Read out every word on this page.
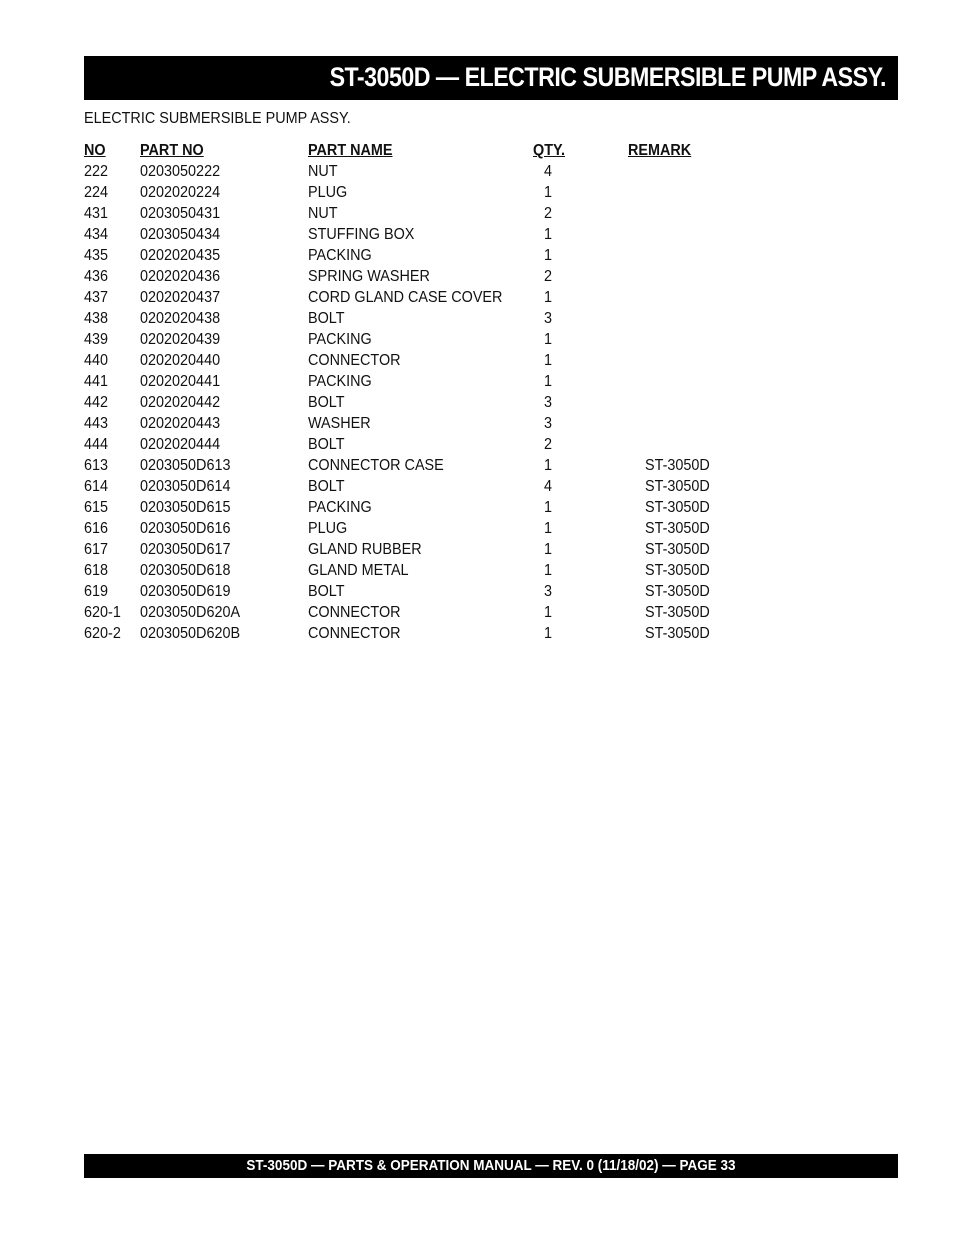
ST-3050D — ELECTRIC SUBMERSIBLE PUMP ASSY.
ELECTRIC SUBMERSIBLE PUMP ASSY.
NO PART NO	PART NAME	QTY.	REMARK
222 0203050222	NUT	4
224 0202020224	PLUG	1
431 0203050431	NUT	2
434 0203050434	STUFFING BOX	1
435 0202020435	PACKING	1
436 0202020436	SPRING WASHER	2
437 0202020437	CORD GLAND CASE COVER	1
438 0202020438	BOLT	3
439 0202020439	PACKING	1
440 0202020440	CONNECTOR	1
441 0202020441	PACKING	1
442 0202020442	BOLT	3
443 0202020443	WASHER	3
444 0202020444	BOLT	2
613 0203050D613	CONNECTOR CASE	1	ST-3050D
614 0203050D614	BOLT	4	ST-3050D
615 0203050D615	PACKING	1	ST-3050D
616 0203050D616	PLUG	1	ST-3050D
617 0203050D617	GLAND RUBBER	1	ST-3050D
618 0203050D618	GLAND METAL	1	ST-3050D
619 0203050D619	BOLT	3	ST-3050D
620-1 0203050D620A	CONNECTOR	1	ST-3050D
620-2 0203050D620B	CONNECTOR	1	ST-3050D
ST-3050D — PARTS & OPERATION MANUAL — REV. 0 (11/18/02) — PAGE 33
